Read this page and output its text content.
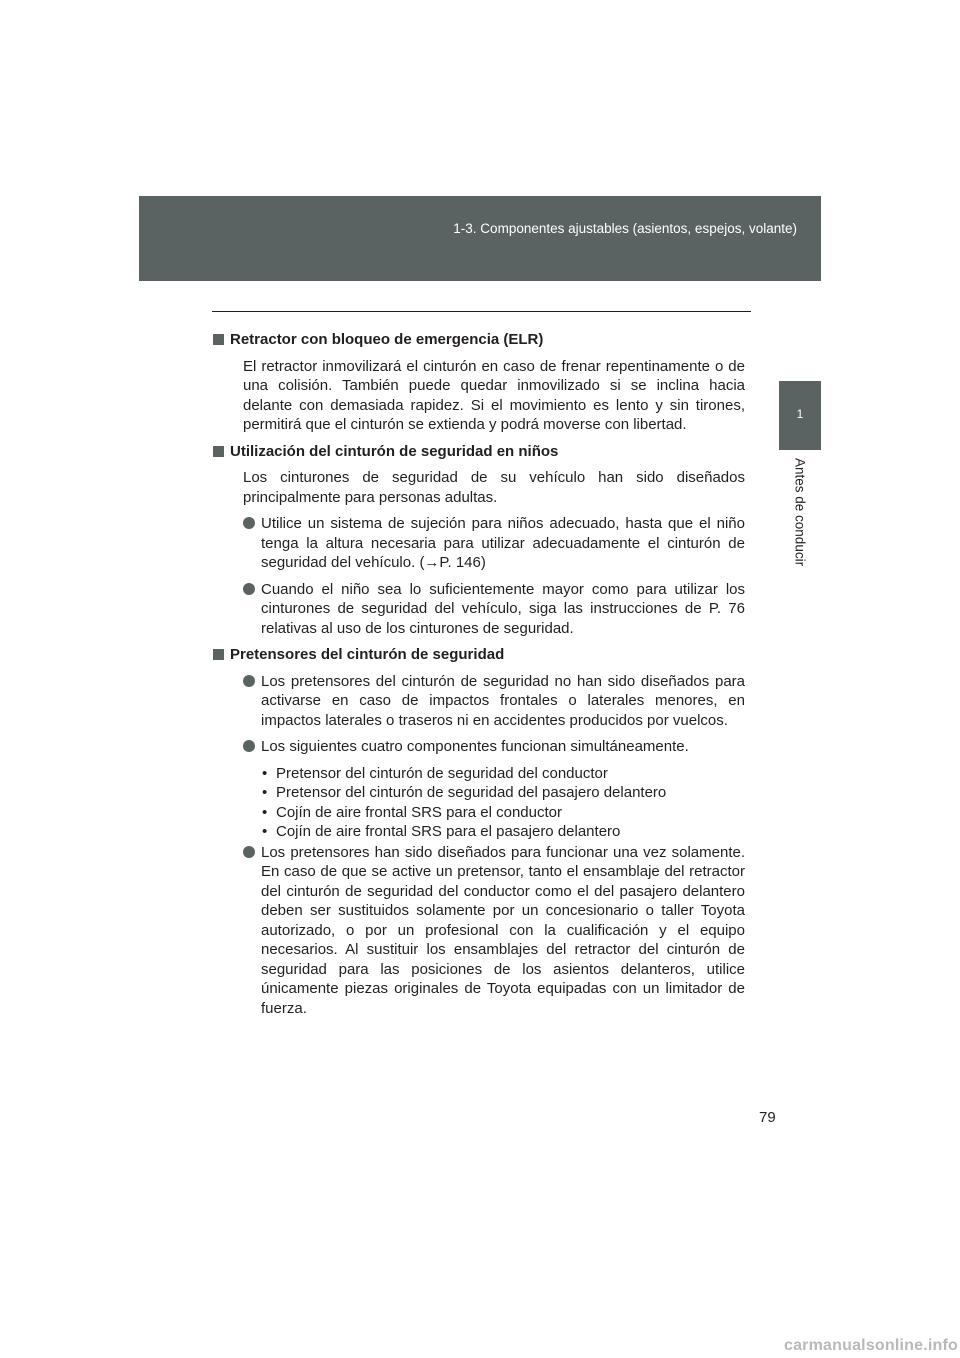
1-3. Componentes ajustables (asientos, espejos, volante)
1
Antes de conducir
Retractor con bloqueo de emergencia (ELR)
El retractor inmovilizará el cinturón en caso de frenar repentinamente o de una colisión. También puede quedar inmovilizado si se inclina hacia delante con demasiada rapidez. Si el movimiento es lento y sin tirones, permitirá que el cinturón se extienda y podrá moverse con libertad.
Utilización del cinturón de seguridad en niños
Los cinturones de seguridad de su vehículo han sido diseñados principalmente para personas adultas.
Utilice un sistema de sujeción para niños adecuado, hasta que el niño tenga la altura necesaria para utilizar adecuadamente el cinturón de seguridad del vehículo. (→P. 146)
Cuando el niño sea lo suficientemente mayor como para utilizar los cinturones de seguridad del vehículo, siga las instrucciones de P. 76 relativas al uso de los cinturones de seguridad.
Pretensores del cinturón de seguridad
Los pretensores del cinturón de seguridad no han sido diseñados para activarse en caso de impactos frontales o laterales menores, en impactos laterales o traseros ni en accidentes producidos por vuelcos.
Los siguientes cuatro componentes funcionan simultáneamente.
• Pretensor del cinturón de seguridad del conductor
• Pretensor del cinturón de seguridad del pasajero delantero
• Cojín de aire frontal SRS para el conductor
• Cojín de aire frontal SRS para el pasajero delantero
Los pretensores han sido diseñados para funcionar una vez solamente. En caso de que se active un pretensor, tanto el ensamblaje del retractor del cinturón de seguridad del conductor como el del pasajero delantero deben ser sustituidos solamente por un concesionario o taller Toyota autorizado, o por un profesional con la cualificación y el equipo necesarios. Al sustituir los ensamblajes del retractor del cinturón de seguridad para las posiciones de los asientos delanteros, utilice únicamente piezas originales de Toyota equipadas con un limitador de fuerza.
79
carmanualsonline.info
